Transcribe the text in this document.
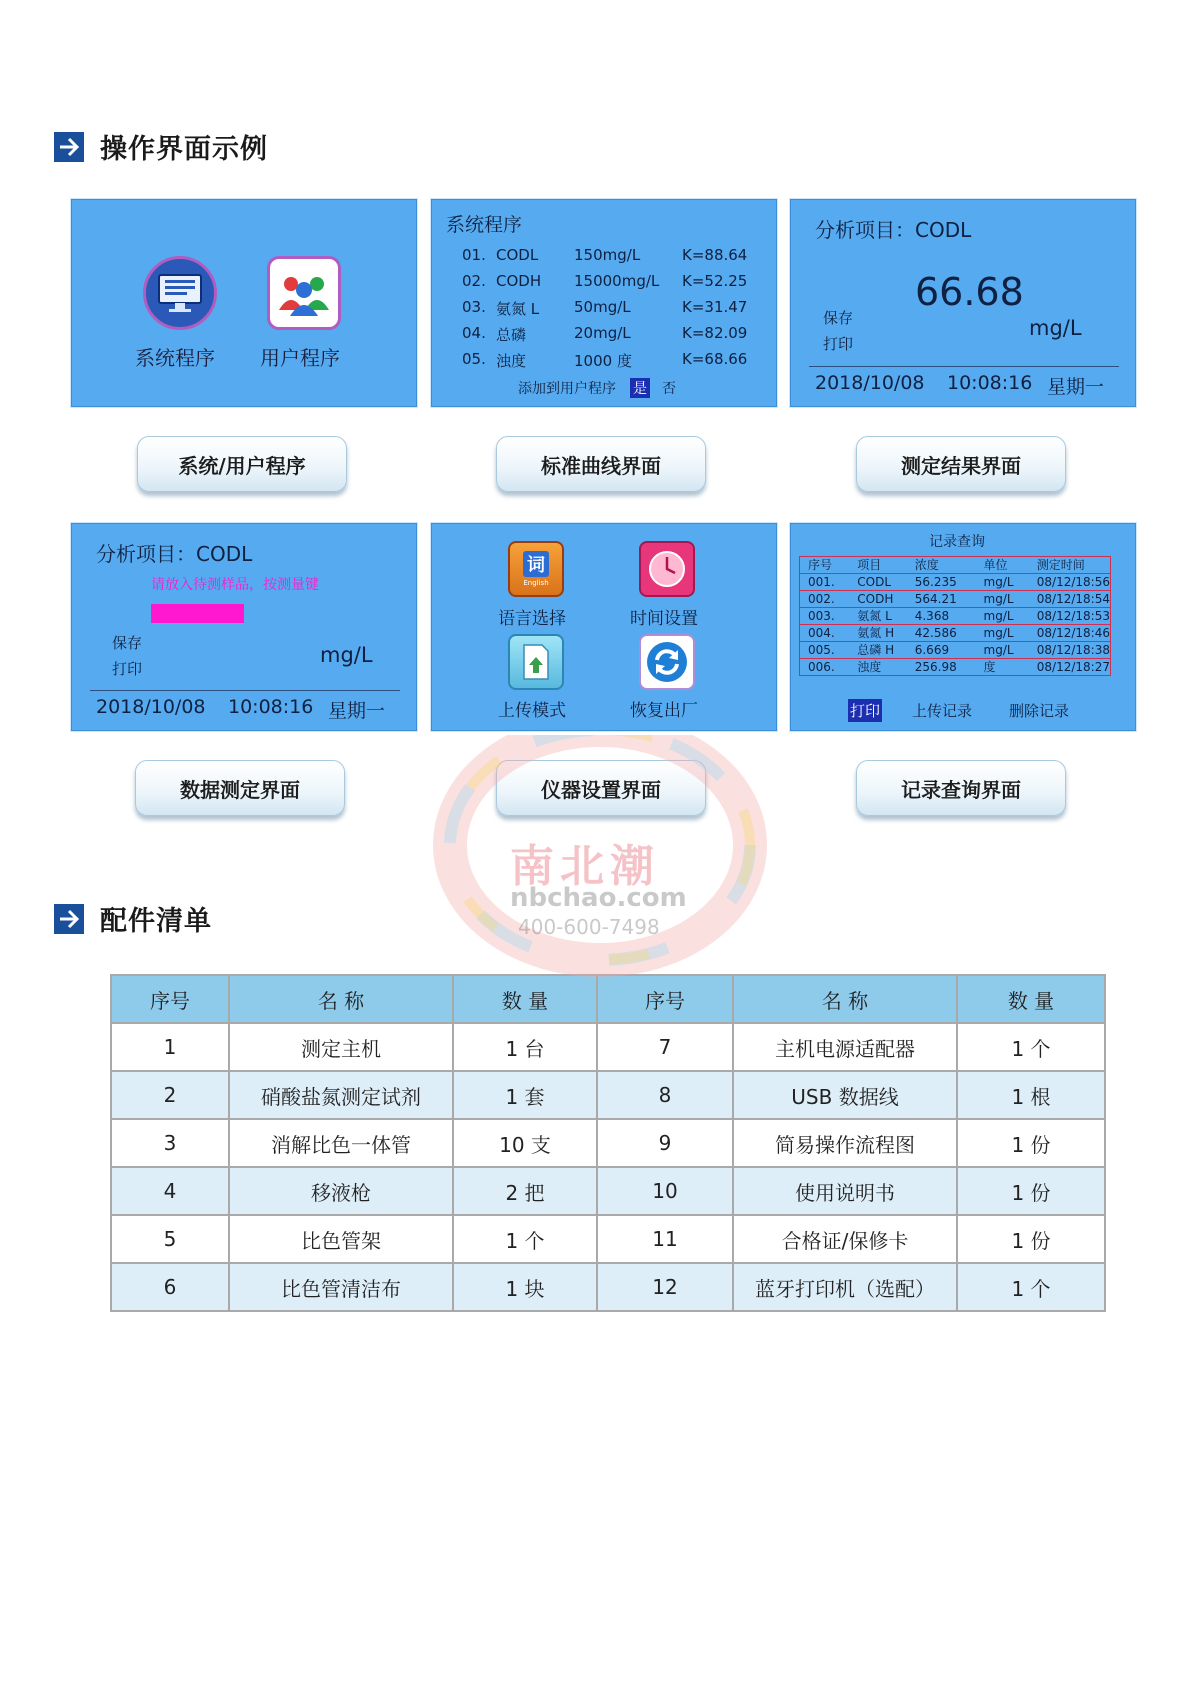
操作界面示例
系统程序 用户程序
系统/用户程序
系统程序
01. CODL	150mg/L	K=88.64
02. CODH	15000mg/L	K=52.25
03. 氨氮 L	50mg/L	K=31.47
04. 总磷	20mg/L	K=82.09
05. 浊度	1000 度	K=68.66
添加到用户程序 是 否
标准曲线界面
分析项目：CODL
66.68
保存
打印
mg/L
2018/10/08 10:08:16 星期一
测定结果界面
分析项目：CODL
请放入待测样品，按测量键
保存
打印
mg/L
2018/10/08 10:08:16 星期一
数据测定界面
词
English
语言选择	时间设置
上传模式	恢复出厂
仪器设置界面
记录查询
序号	项目	浓度	单位	测定时间
001.	CODL	56.235	mg/L	08/12/18:56
002.	CODH	564.21	mg/L	08/12/18:54
003.	氨氮 L	4.368	mg/L	08/12/18:53
004.	氨氮 H	42.586	mg/L	08/12/18:46
005.	总磷 H	6.669	mg/L	08/12/18:38
006.	浊度	256.98	度	08/12/18:27
打印 上传记录 删除记录
记录查询界面
配件清单
序号	名 称	数 量	序号	名 称	数 量
1	测定主机	1 台	7	主机电源适配器	1 个
2	硝酸盐氮测定试剂	1 套	8	USB 数据线	1 根
3	消解比色一体管	10 支	9	简易操作流程图	1 份
4	移液枪	2 把	10	使用说明书	1 份
5	比色管架	1 个	11	合格证/保修卡	1 份
6	比色管清洁布	1 块	12	蓝牙打印机（选配）	1 个
南北潮
nbchao.com
400-600-7498
